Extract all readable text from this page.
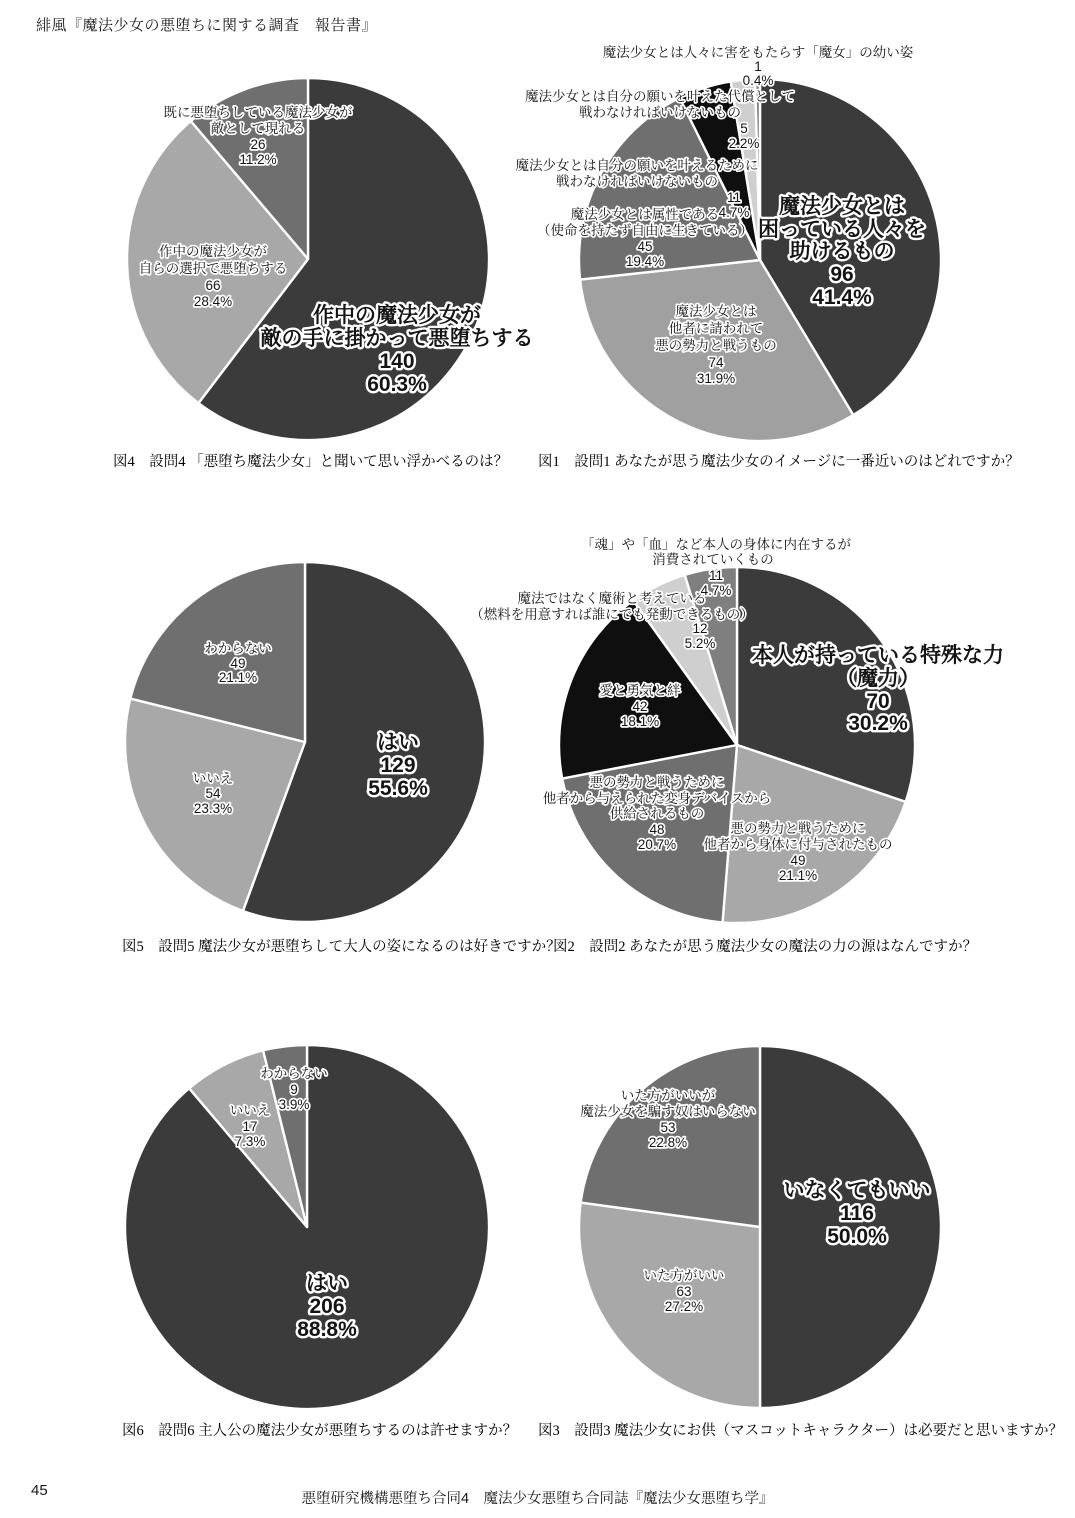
緋風『魔法少女の悪堕ちに関する調査　報告書』
作中の魔法少女が
敵の手に掛かって悪堕ちする
140
60.3%
作中の魔法少女が
自らの選択で悪堕ちする
66
28.4%
既に悪堕ちしている魔法少女が
敵として現れる
26
11.2%
図4　設問4 「悪堕ち魔法少女」と聞いて思い浮かべるのは？
魔法少女とは
困っている人々を
助けるもの
96
41.4%
魔法少女とは
他者に請われて
悪の勢力と戦うもの
74
31.9%
魔法少女とは属性である
（使命を持たず自由に生きている）
45
19.4%
魔法少女とは自分の願いを叶えるために
戦わなければいけないもの
11
4.7%
魔法少女とは自分の願いを叶えた代償として
戦わなければいけないもの
5
2.2%
魔法少女とは人々に害をもたらす「魔女」の幼い姿
1
0.4%
図1　設問1 あなたが思う魔法少女のイメージに一番近いのはどれですか？
はい
129
55.6%
いいえ
54
23.3%
わからない
49
21.1%
図5　設問5 魔法少女が悪堕ちして大人の姿になるのは好きですか？
本人が持っている特殊な力
（魔力）
70
30.2%
悪の勢力と戦うために
他者から身体に付与されたもの
49
21.1%
悪の勢力と戦うために
他者から与えられた変身デバイスから
供給されるもの
48
20.7%
愛と勇気と絆
42
18.1%
魔法ではなく魔術と考えている
（燃料を用意すれば誰にでも発動できるもの）
12
5.2%
「魂」や「血」など本人の身体に内在するが
消費されていくもの
11
4.7%
図2　設問2 あなたが思う魔法少女の魔法の力の源はなんですか？
はい
206
88.8%
いいえ
17
7.3%
わからない
9
3.9%
図6　設問6 主人公の魔法少女が悪堕ちするのは許せますか？
いなくてもいい
116
50.0%
いた方がいい
63
27.2%
いた方がいいが
魔法少女を騙す奴はいらない
53
22.8%
図3　設問3 魔法少女にお供（マスコットキャラクター）は必要だと思いますか？
45	悪堕研究機構悪堕ち合同4　魔法少女悪堕ち合同誌『魔法少女悪堕ち学』
